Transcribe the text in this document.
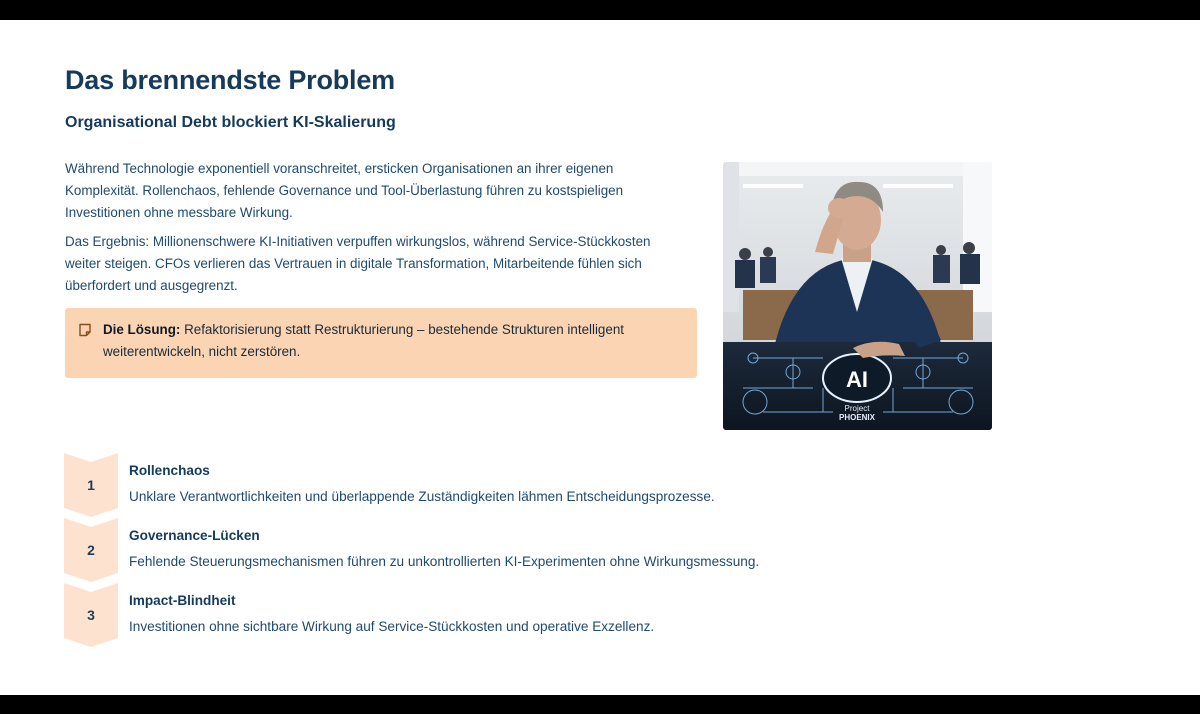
Das brennendste Problem
Organisational Debt blockiert KI-Skalierung

Während Technologie exponentiell voranschreitet, ersticken Organisationen an ihrer eigenen Komplexität. Rollenchaos, fehlende Governance und Tool-Überlastung führen zu kostspieligen Investitionen ohne messbare Wirkung.

Das Ergebnis: Millionenschwere KI-Initiativen verpuffen wirkungslos, während Service-Stückkosten weiter steigen. CFOs verlieren das Vertrauen in digitale Transformation, Mitarbeitende fühlen sich überfordert und ausgegrenzt.

Die Lösung: Refaktorisierung statt Restrukturierung – bestehende Strukturen intelligent weiterentwickeln, nicht zerstören.

AI
Project
PHOENIX
1

Rollenchaos

Unklare Verantwortlichkeiten und überlappende Zuständigkeiten lähmen Entscheidungsprozesse.

2

Governance-Lücken

Fehlende Steuerungsmechanismen führen zu unkontrollierten KI-Experimenten ohne Wirkungsmessung.

3

Impact-Blindheit

Investitionen ohne sichtbare Wirkung auf Service-Stückkosten und operative Exzellenz.
